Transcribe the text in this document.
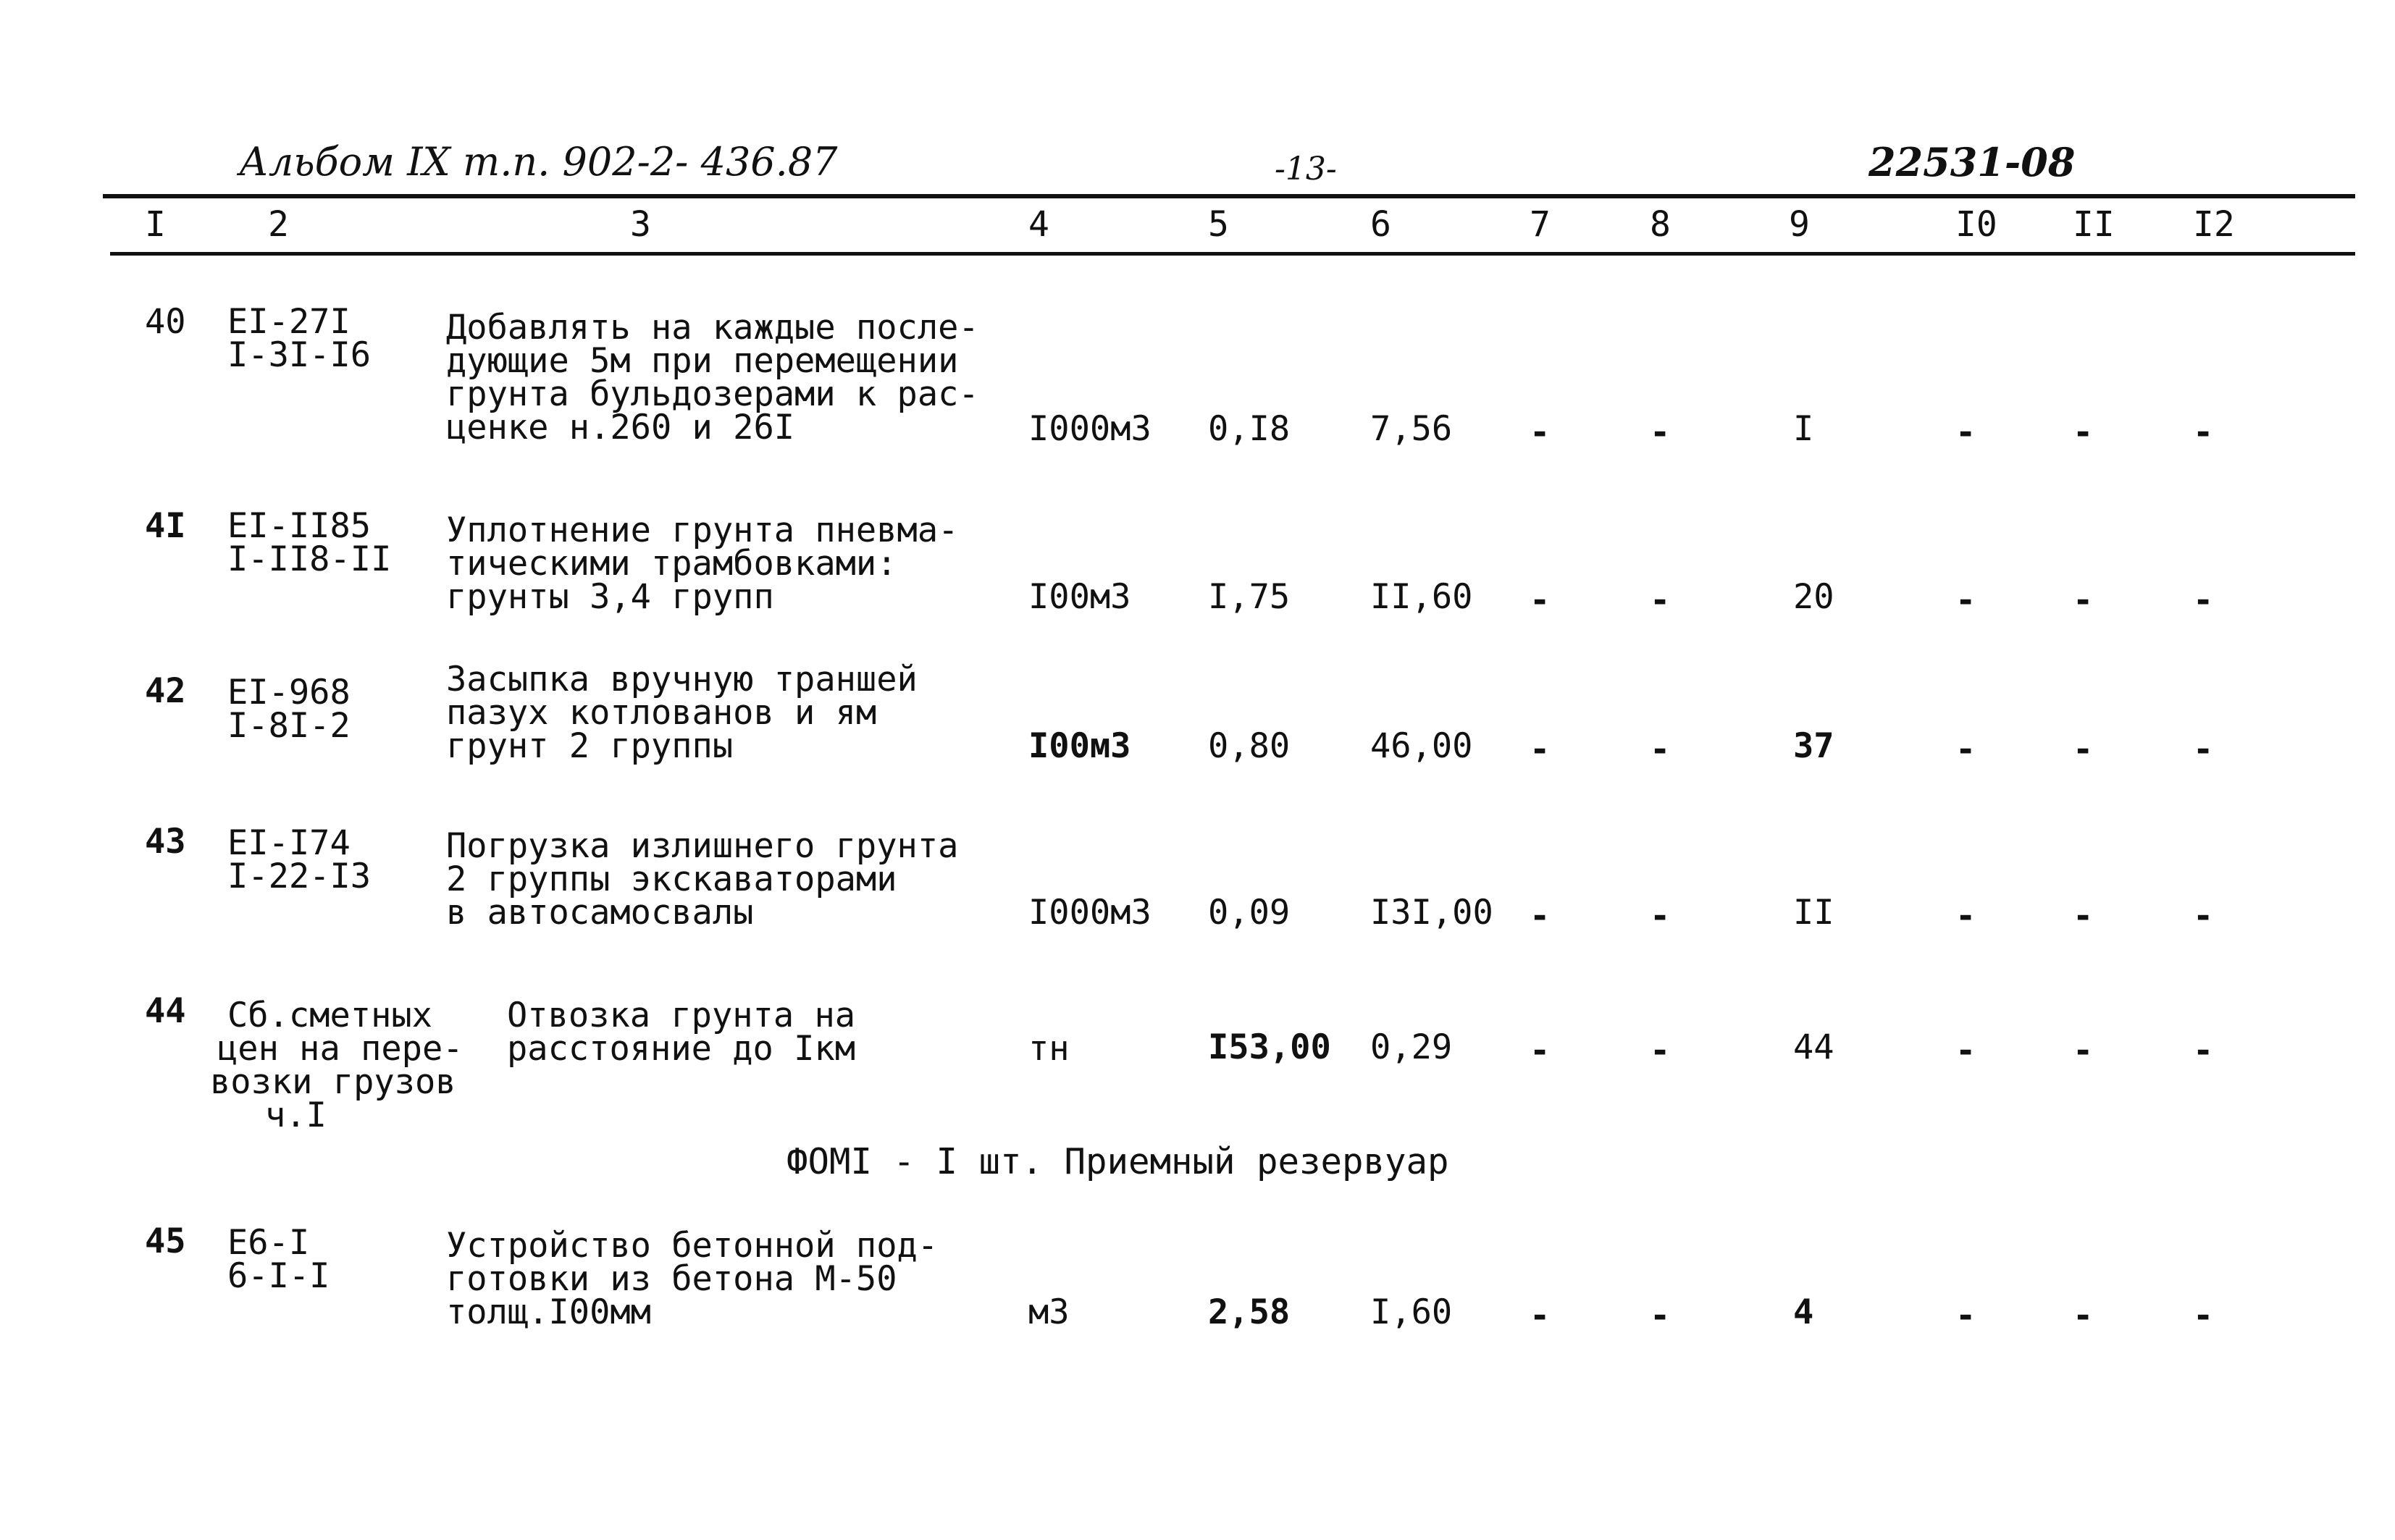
Альбом IX т.п. 902-2- 436.87	-13-	22531-08
I	2	3	4	5	6	7	8	9	I0 II I2
40 EI-27I
I-3I-I6
Добавлять на каждые после-
дующие 5м при перемещении
грунта бульдозерами к рас-
ценке н.260 и 26I	I000м3 0,I8 7,56 -	-	I	-	-	-
4I EI-II85
I-II8-II
Уплотнение грунта пневма-
тическими трамбовками:
грунты 3,4 групп	I00м3 I,75 II,60 -	-	20	-	-	-
42 EI-968
I-8I-2
Засыпка вручную траншей
пазух котлованов и ям
грунт 2 группы	I00м3 0,80 46,00 -	-	37	-	-	-
43 EI-I74
I-22-I3
Погрузка излишнего грунта
2 группы экскаваторами
в автосамосвалы	I000м3 0,09 I3I,00 -	-	II	-	-	-
44 Сб.сметных
цен на пере-
возки грузов
ч.I
Отвозка грунта на
расстояние до Iкм	тн	I53,00 0,29 -	-	44	-	-	-
ФОМI - I шт. Приемный резервуар
45 E6-I
6-I-I
Устройство бетонной под-
готовки из бетона М-50
толщ.I00мм	м3	2,58 I,60 -	-	4	-	-	-
